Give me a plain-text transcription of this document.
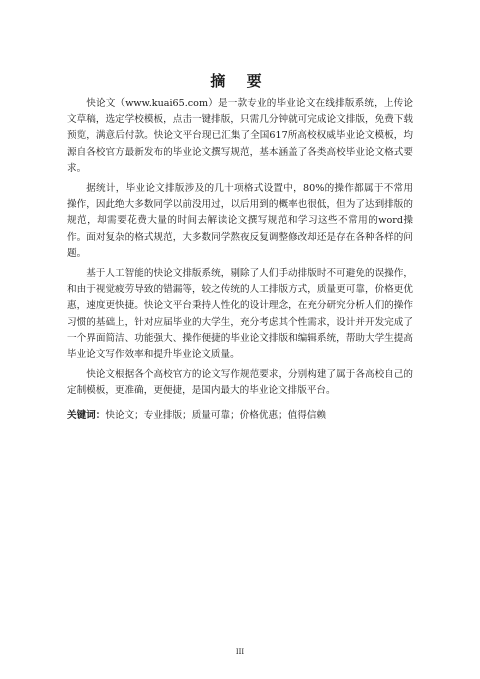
摘 要

快论文（www.kuai65.com）是一款专业的毕业论文在线排版系统，上传论文草稿，选定学校模板，点击一键排版，只需几分钟就可完成论文排版，免费下载预览，满意后付款。快论文平台现已汇集了全国617所高校权威毕业论文模板，均源自各校官方最新发布的毕业论文撰写规范，基本涵盖了各类高校毕业论文格式要求。

据统计，毕业论文排版涉及的几十项格式设置中，80%的操作都属于不常用操作，因此绝大多数同学以前没用过，以后用到的概率也很低，但为了达到排版的规范，却需要花费大量的时间去解读论文撰写规范和学习这些不常用的word操作。面对复杂的格式规范，大多数同学熬夜反复调整修改却还是存在各种各样的问题。

基于人工智能的快论文排版系统，剔除了人们手动排版时不可避免的误操作，和由于视觉疲劳导致的错漏等，较之传统的人工排版方式，质量更可靠，价格更优惠，速度更快捷。快论文平台秉持人性化的设计理念，在充分研究分析人们的操作习惯的基础上，针对应届毕业的大学生，充分考虑其个性需求，设计并开发完成了一个界面简洁、功能强大、操作便捷的毕业论文排版和编辑系统，帮助大学生提高毕业论文写作效率和提升毕业论文质量。

快论文根据各个高校官方的论文写作规范要求，分别构建了属于各高校自己的定制模板，更准确，更便捷，是国内最大的毕业论文排版平台。

关键词：快论文；专业排版；质量可靠；价格优惠；值得信赖

III
